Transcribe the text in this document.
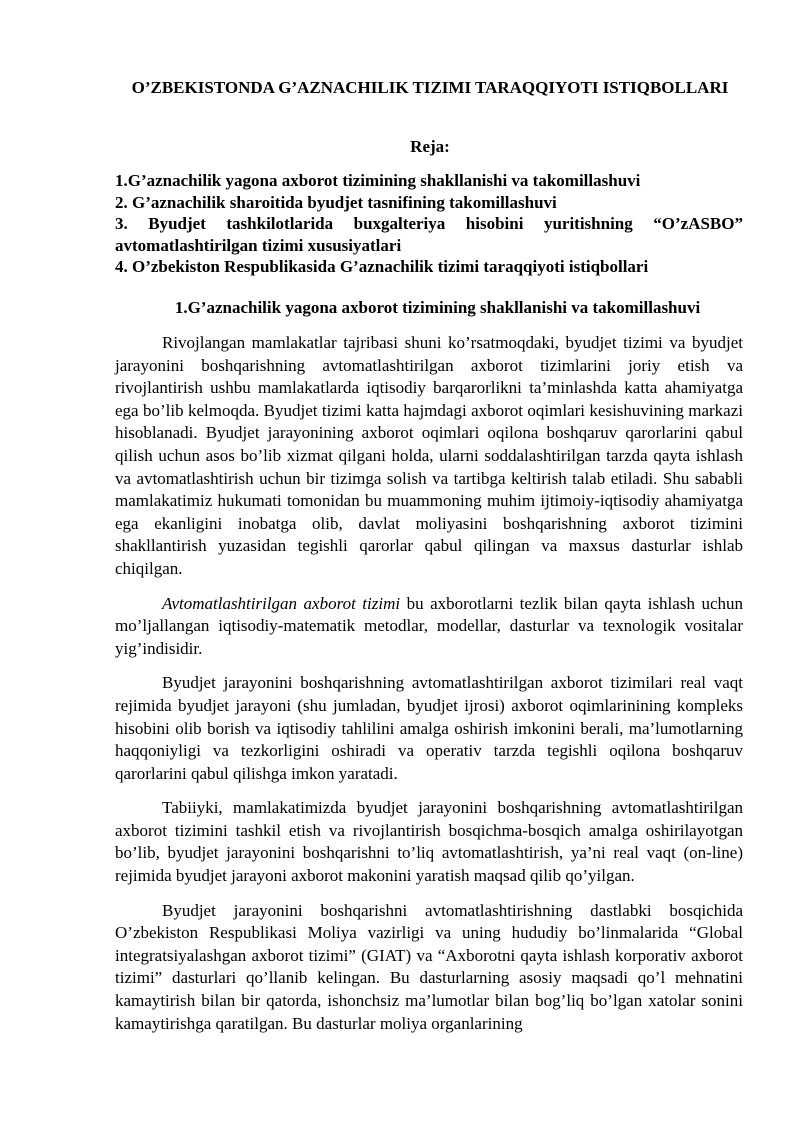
O’ZBEKISTONDA G’AZNACHILIK TIZIMI TARAQQIYOTI ISTIQBOLLARI
Reja:
1.G’aznachilik yagona axborot tizimining shakllanishi va takomillashuvi
2. G’aznachilik sharoitida byudjet tasnifining takomillashuvi
3. Byudjet tashkilotlarida buxgalteriya hisobini yuritishning “O’zASBO” avtomatlashtirilgan tizimi xususiyatlari
4. O’zbekiston Respublikasida G’aznachilik tizimi taraqqiyoti istiqbollari
1.G’aznachilik yagona axborot tizimining shakllanishi va takomillashuvi

Rivojlangan mamlakatlar tajribasi shuni ko’rsatmoqdaki, byudjet tizimi va byudjet jarayonini boshqarishning avtomatlashtirilgan axborot tizimlarini joriy etish va rivojlantirish ushbu mamlakatlarda iqtisodiy barqarorlikni ta’minlashda katta ahamiyatga ega bo’lib kelmoqda. Byudjet tizimi katta hajmdagi axborot oqimlari kesishuvining markazi hisoblanadi. Byudjet jarayonining axborot oqimlari oqilona boshqaruv qarorlarini qabul qilish uchun asos bo’lib xizmat qilgani holda, ularni soddalashtirilgan tarzda qayta ishlash va avtomatlashtirish uchun bir tizimga solish va tartibga keltirish talab etiladi. Shu sababli mamlakatimiz hukumati tomonidan bu muammoning muhim ijtimoiy-iqtisodiy ahamiyatga ega ekanligini inobatga olib, davlat moliyasini boshqarishning axborot tizimini shakllantirish yuzasidan tegishli qarorlar qabul qilingan va maxsus dasturlar ishlab chiqilgan.

Avtomatlashtirilgan axborot tizimi bu axborotlarni tezlik bilan qayta ishlash uchun mo’ljallangan iqtisodiy-matematik metodlar, modellar, dasturlar va texnologik vositalar yig’indisidir.

Byudjet jarayonini boshqarishning avtomatlashtirilgan axborot tizimilari real vaqt rejimida byudjet jarayoni (shu jumladan, byudjet ijrosi) axborot oqimlarinining kompleks hisobini olib borish va iqtisodiy tahlilini amalga oshirish imkonini berali, ma’lumotlarning haqqoniyligi va tezkorligini oshiradi va operativ tarzda tegishli oqilona boshqaruv qarorlarini qabul qilishga imkon yaratadi.

Tabiiyki, mamlakatimizda byudjet jarayonini boshqarishning avtomatlashtirilgan axborot tizimini tashkil etish va rivojlantirish bosqichma-bosqich amalga oshirilayotgan bo’lib, byudjet jarayonini boshqarishni to’liq avtomatlashtirish, ya’ni real vaqt (on-line) rejimida byudjet jarayoni axborot makonini yaratish maqsad qilib qo’yilgan.

Byudjet jarayonini boshqarishni avtomatlashtirishning dastlabki bosqichida O’zbekiston Respublikasi Moliya vazirligi va uning hududiy bo’linmalarida “Global integratsiyalashgan axborot tizimi” (GIAT) va “Axborotni qayta ishlash korporativ axborot tizimi” dasturlari qo’llanib kelingan. Bu dasturlarning asosiy maqsadi qo’l mehnatini kamaytirish bilan bir qatorda, ishonchsiz ma’lumotlar bilan bog’liq bo’lgan xatolar sonini kamaytirishga qaratilgan. Bu dasturlar moliya organlarining
